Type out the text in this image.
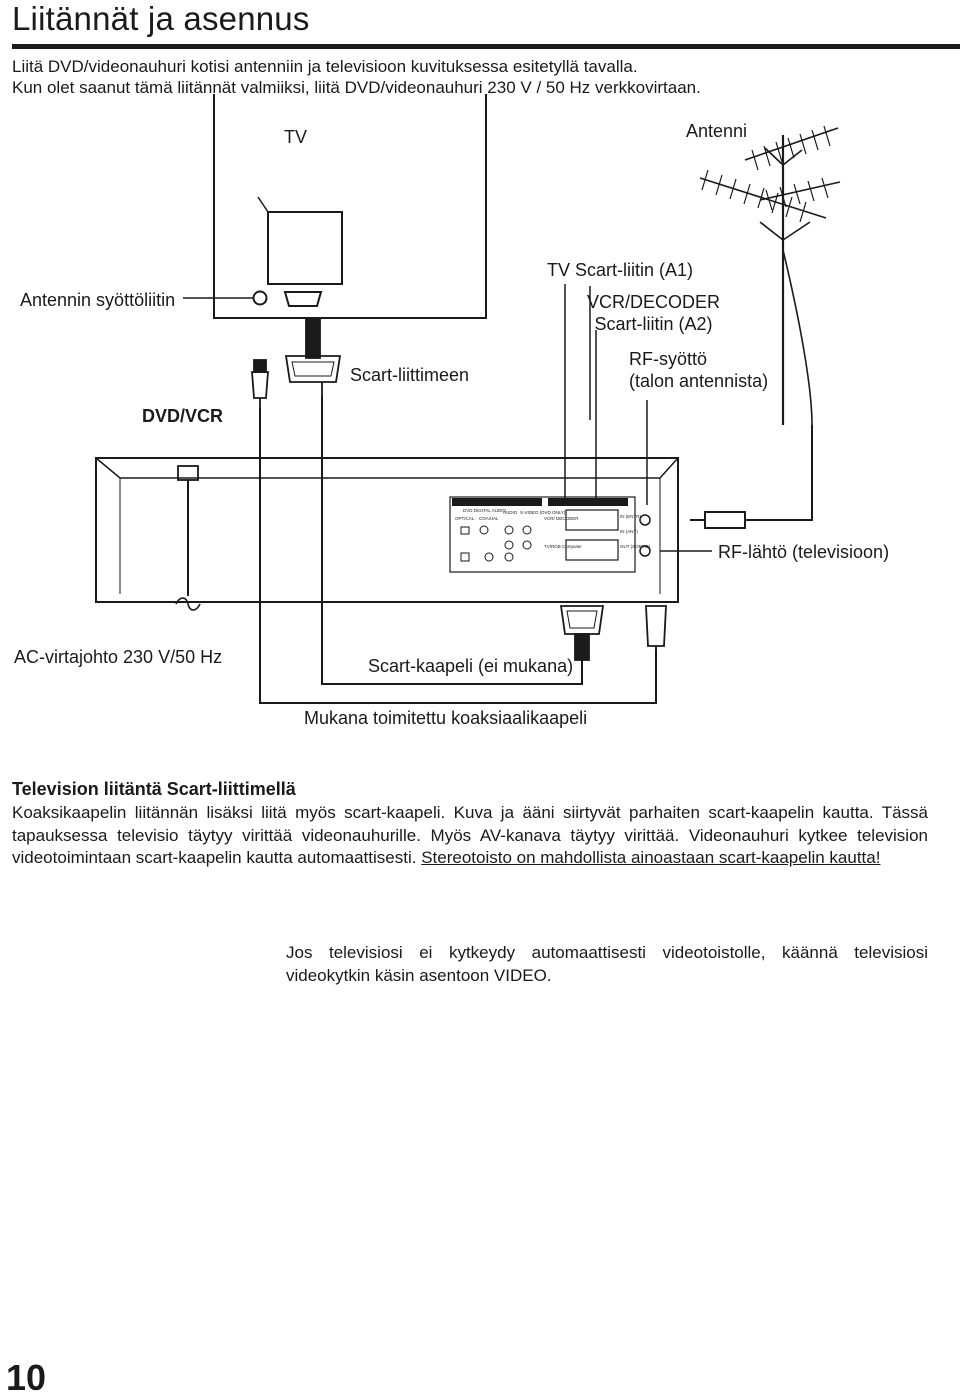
Liitännät ja asennus
Liitä DVD/videonauhuri kotisi antenniin ja televisioon kuvituksessa esitetyllä tavalla.
Kun olet saanut tämä liitännät valmiiksi, liitä DVD/videonauhuri 230 V / 50 Hz verkkovirtaan.
OUTPUT - SORTIE	SCART - PRISE PERITEL
DVD DIGITAL AUDIO
OPTICAL COAXIAL
AUDIO S-VIDEO (DVD ONLY)
VCR/ DECODER
TV/RGB Computer
IN (ENTR)
IN (ANT)
OUT (SORTIE)
TV	Antenni
Antennin syöttöliitin
TV Scart-liitin (A1)
VCR/DECODER
Scart-liitin (A2)
Scart-liittimeen
RF-syöttö
(talon antennista)
DVD/VCR
RF-lähtö (televisioon)
AC-virtajohto 230 V/50 Hz	Scart-kaapeli (ei mukana)
Mukana toimitettu koaksiaalikaapeli
Television liitäntä Scart-liittimellä

Koaksikaapelin liitännän lisäksi liitä myös scart-kaapeli. Kuva ja ääni siirtyvät parhaiten scart-kaapelin kautta. Tässä tapauksessa televisio täytyy virittää videonauhurille. Myös AV-kanava täytyy virittää. Videonauhuri kytkee television videotoimintaan scart-kaapelin kautta automaattisesti. Stereotoisto on mahdollista ainoastaan scart-kaapelin kautta!

Jos televisiosi ei kytkeydy automaattisesti videotoistolle, käännä televisiosi videokytkin käsin asentoon VIDEO.

10
